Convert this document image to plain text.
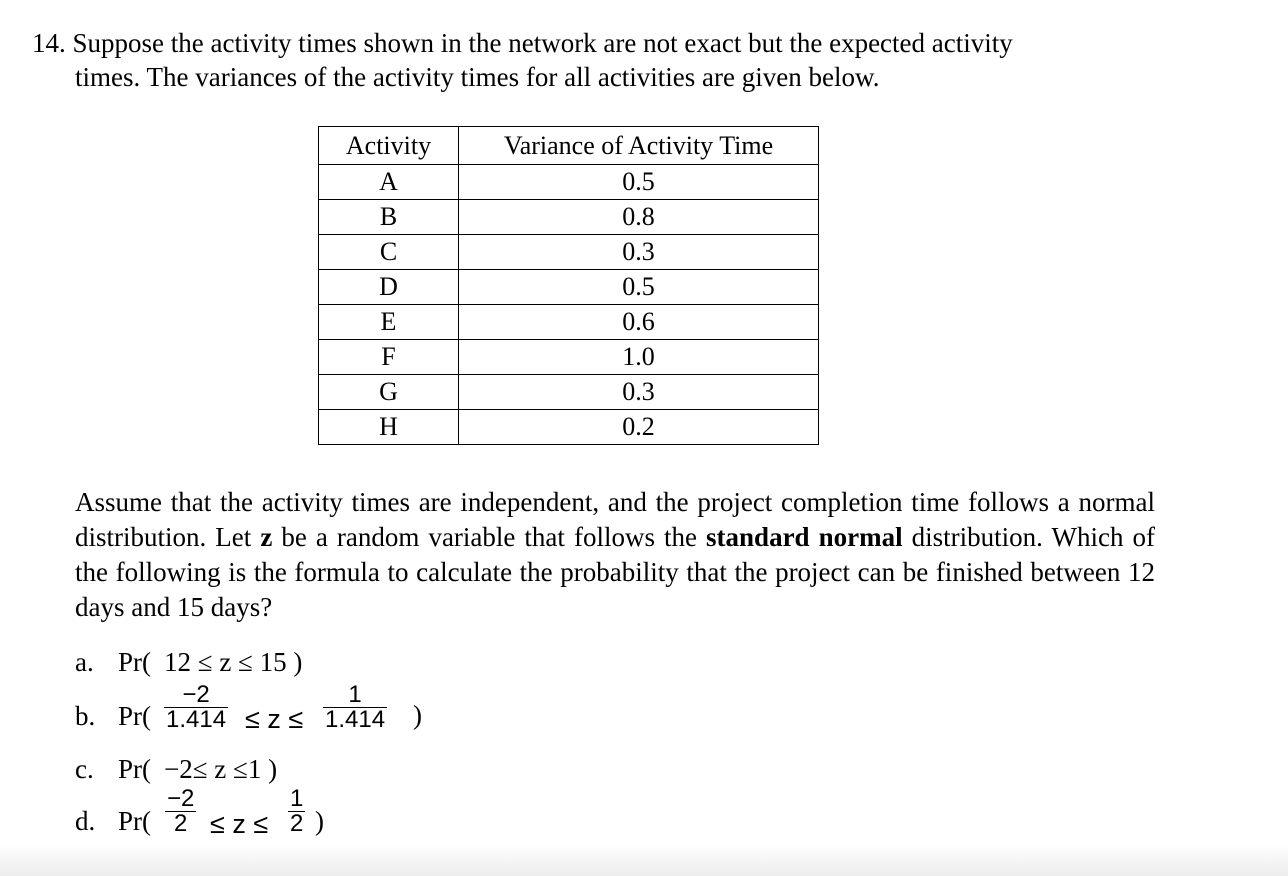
14. Suppose the activity times shown in the network are not exact but the expected activity
times. The variances of the activity times for all activities are given below.
Activity	Variance of Activity Time
A	0.5
B	0.8
C	0.3
D	0.5
E	0.6
F	1.0
G	0.3
H	0.2

Assume that the activity times are independent, and the project completion time follows a normal distribution. Let z be a random variable that follows the standard normal distribution. Which of the following is the formula to calculate the probability that the project can be finished between 12 days and 15 days?

a. Pr( 12 ≤ z ≤ 15 )
b. Pr(
−2
1.414 ≤ z ≤
1
1.414 )
c. Pr( −2≤ z ≤1 )
d. Pr(
−2
2 ≤ z ≤
1
2 )
